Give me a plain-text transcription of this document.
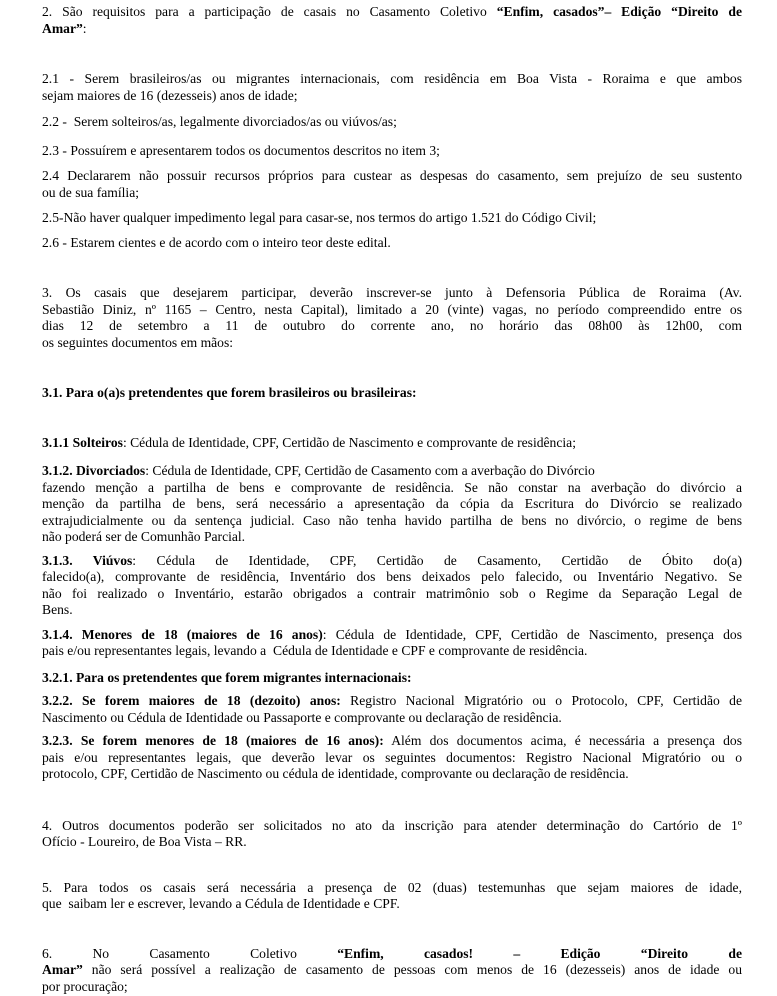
2. São requisitos para a participação de casais no Casamento Coletivo “Enfim, casados”– Edição “Direito de
Amar”:
2.1 - Serem brasileiros/as ou migrantes internacionais, com residência em Boa Vista - Roraima e que ambos
sejam maiores de 16 (dezesseis) anos de idade;
2.2 -  Serem solteiros/as, legalmente divorciados/as ou viúvos/as;
2.3 - Possuírem e apresentarem todos os documentos descritos no item 3;
2.4 Declararem não possuir recursos próprios para custear as despesas do casamento, sem prejuízo de seu sustento
ou de sua família;
2.5-Não haver qualquer impedimento legal para casar-se, nos termos do artigo 1.521 do Código Civil;
2.6 - Estarem cientes e de acordo com o inteiro teor deste edital.
3. Os casais que desejarem participar, deverão inscrever-se junto à Defensoria Pública de Roraima (Av.
Sebastião Diniz, nº 1165 – Centro, nesta Capital), limitado a 20 (vinte) vagas, no período compreendido entre os
dias 12 de setembro a 11 de outubro do corrente ano, no horário das 08h00 às 12h00, com
os seguintes documentos em mãos:
3.1. Para o(a)s pretendentes que forem brasileiros ou brasileiras:
3.1.1 Solteiros: Cédula de Identidade, CPF, Certidão de Nascimento e comprovante de residência;
3.1.2. Divorciados: Cédula de Identidade, CPF, Certidão de Casamento com a averbação do Divórcio
fazendo menção a partilha de bens e comprovante de residência. Se não constar na averbação do divórcio a
menção da partilha de bens, será necessário a apresentação da cópia da Escritura do Divórcio se realizado
extrajudicialmente ou da sentença judicial. Caso não tenha havido partilha de bens no divórcio, o regime de bens
não poderá ser de Comunhão Parcial.
3.1.3. Viúvos: Cédula de Identidade, CPF, Certidão de Casamento, Certidão de Óbito do(a)
falecido(a), comprovante de residência, Inventário dos bens deixados pelo falecido, ou Inventário Negativo. Se
não foi realizado o Inventário, estarão obrigados a contrair matrimônio sob o Regime da Separação Legal de
Bens.
3.1.4. Menores de 18 (maiores de 16 anos): Cédula de Identidade, CPF, Certidão de Nascimento, presença dos
pais e/ou representantes legais, levando a  Cédula de Identidade e CPF e comprovante de residência.
3.2.1. Para os pretendentes que forem migrantes internacionais:
3.2.2. Se forem maiores de 18 (dezoito) anos: Registro Nacional Migratório ou o Protocolo, CPF, Certidão de
Nascimento ou Cédula de Identidade ou Passaporte e comprovante ou declaração de residência.
3.2.3. Se forem menores de 18 (maiores de 16 anos): Além dos documentos acima, é necessária a presença dos
pais e/ou representantes legais, que deverão levar os seguintes documentos: Registro Nacional Migratório ou o
protocolo, CPF, Certidão de Nascimento ou cédula de identidade, comprovante ou declaração de residência.
4. Outros documentos poderão ser solicitados no ato da inscrição para atender determinação do Cartório de 1º
Ofício - Loureiro, de Boa Vista – RR.
5. Para todos os casais será necessária a presença de 02 (duas) testemunhas que sejam maiores de idade,
que  saibam ler e escrever, levando a Cédula de Identidade e CPF.
6. No Casamento Coletivo “Enfim, casados! – Edição “Direito de
Amar” não será possível a realização de casamento de pessoas com menos de 16 (dezesseis) anos de idade ou
por procuração;
